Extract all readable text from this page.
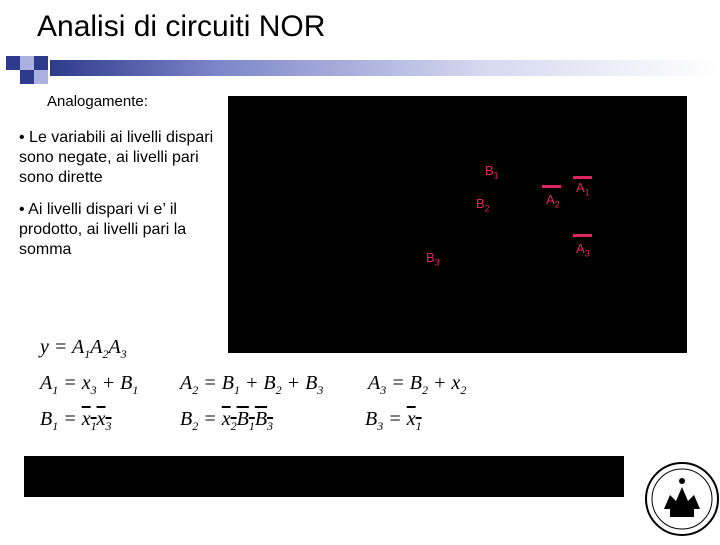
Analisi di circuiti NOR
Analogamente:

• Le variabili ai livelli dispari sono negate, ai livelli pari sono dirette

• Ai livelli dispari vi e’ il prodotto, ai livelli pari la somma

$B_1$
$B_2$
$B_3$
$A_2$
$A_1$
$A_3$
$y = A_1A_2A_3$
$A_1 = x_3 + B_1$ $A_2 = B_1 + B_2 + B_3$ $A_3 = B_2 + x_2$
$B_1 = x_1x_3$	$B_2 = x_2B_1B_3$	$B_3 = x_1$
